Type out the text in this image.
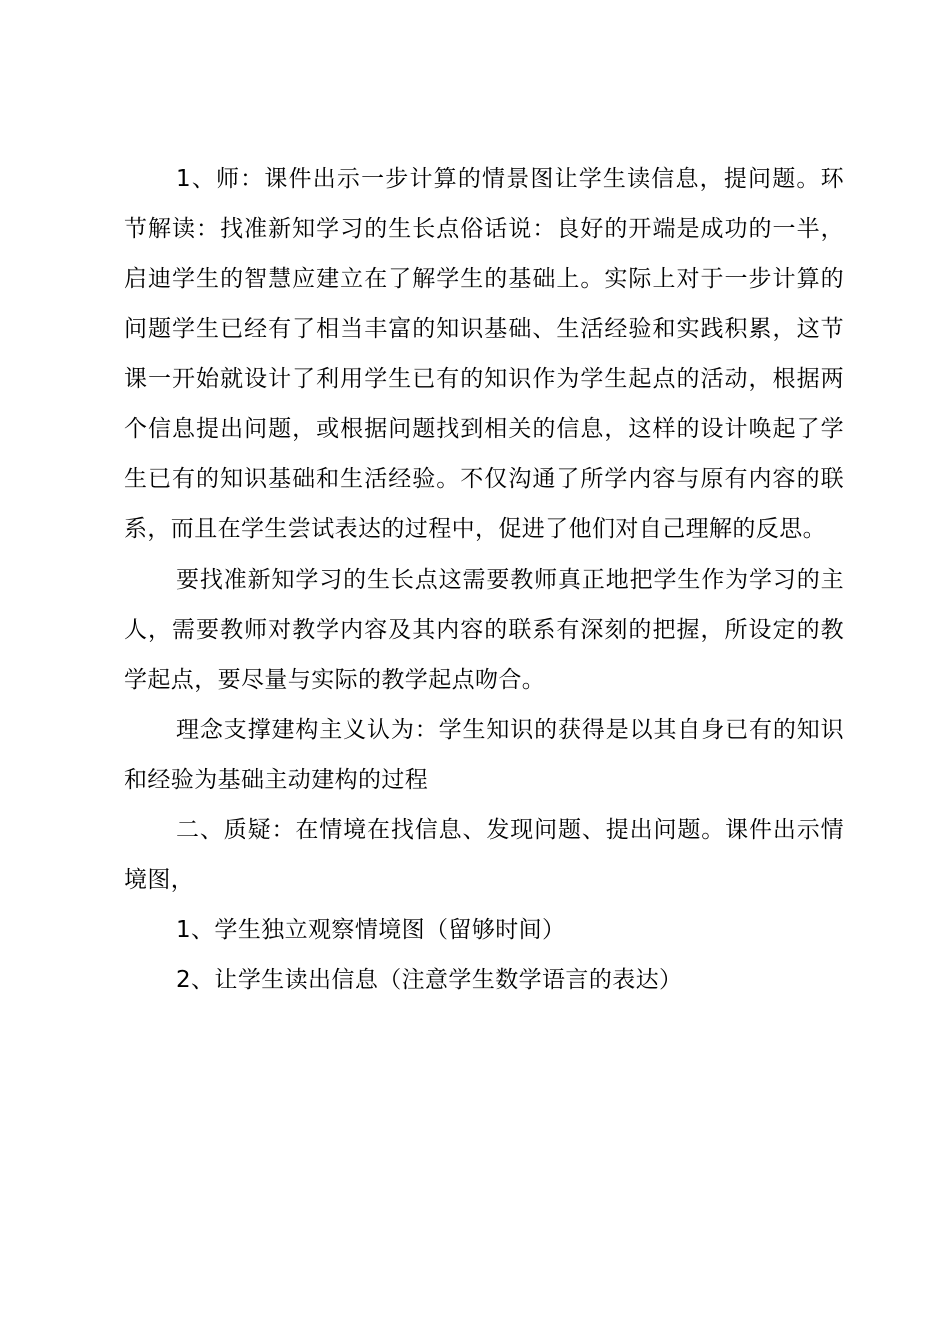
1、师：课件出示一步计算的情景图让学生读信息，提问题。环节解读：找准新知学习的生长点俗话说：良好的开端是成功的一半，启迪学生的智慧应建立在了解学生的基础上。实际上对于一步计算的问题学生已经有了相当丰富的知识基础、生活经验和实践积累，这节课一开始就设计了利用学生已有的知识作为学生起点的活动，根据两个信息提出问题，或根据问题找到相关的信息，这样的设计唤起了学生已有的知识基础和生活经验。不仅沟通了所学内容与原有内容的联系，而且在学生尝试表达的过程中，促进了他们对自己理解的反思。

要找准新知学习的生长点这需要教师真正地把学生作为学习的主人，需要教师对教学内容及其内容的联系有深刻的把握，所设定的教学起点，要尽量与实际的教学起点吻合。

理念支撑建构主义认为：学生知识的获得是以其自身已有的知识和经验为基础主动建构的过程

二、质疑：在情境在找信息、发现问题、提出问题。课件出示情境图，

1、学生独立观察情境图（留够时间）

2、让学生读出信息（注意学生数学语言的表达）
